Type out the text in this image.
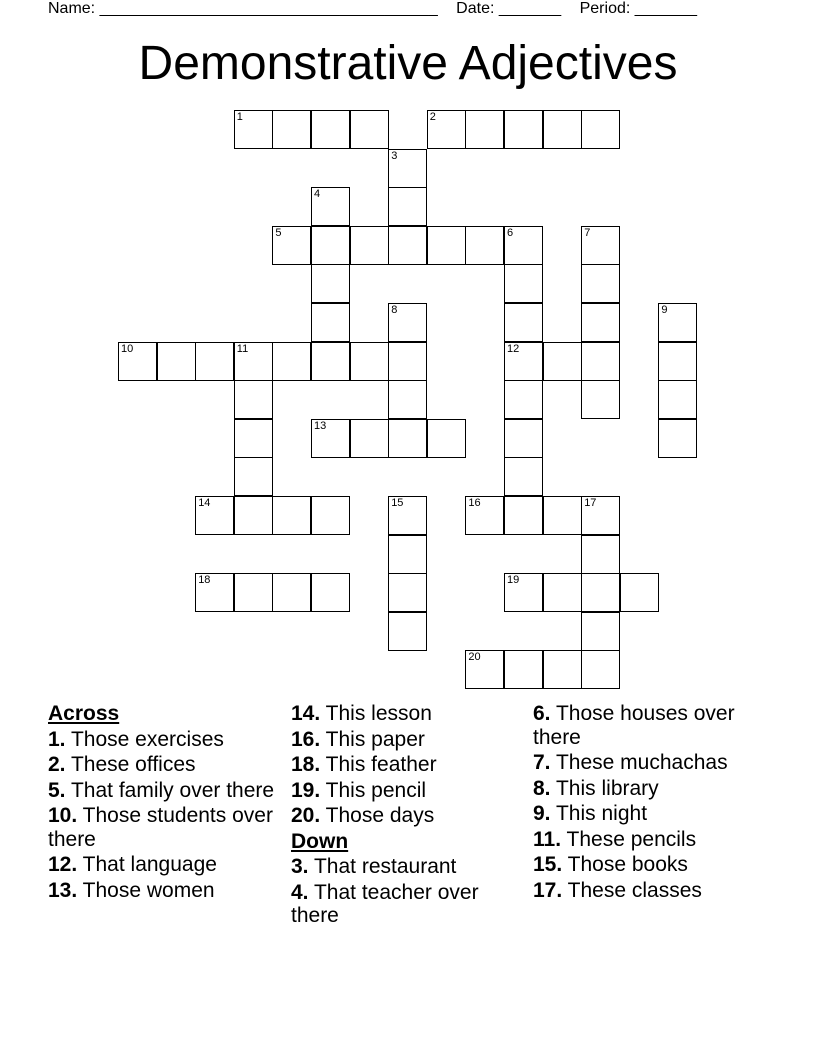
Name: ______________________________________ Date: _______ Period: _______
Demonstrative Adjectives
1	2
3
4
5	6	7
8	9
10	11	12
13
14	15	16	17
18	19
20
Across
1. Those exercises
2. These offices
5. That family over there
10. Those students over there
12. That language
13. Those women
14. This lesson
16. This paper
18. This feather
19. This pencil
20. Those days
Down
3. That restaurant
4. That teacher over there
6. Those houses over there
7. These muchachas
8. This library
9. This night
11. These pencils
15. Those books
17. These classes
